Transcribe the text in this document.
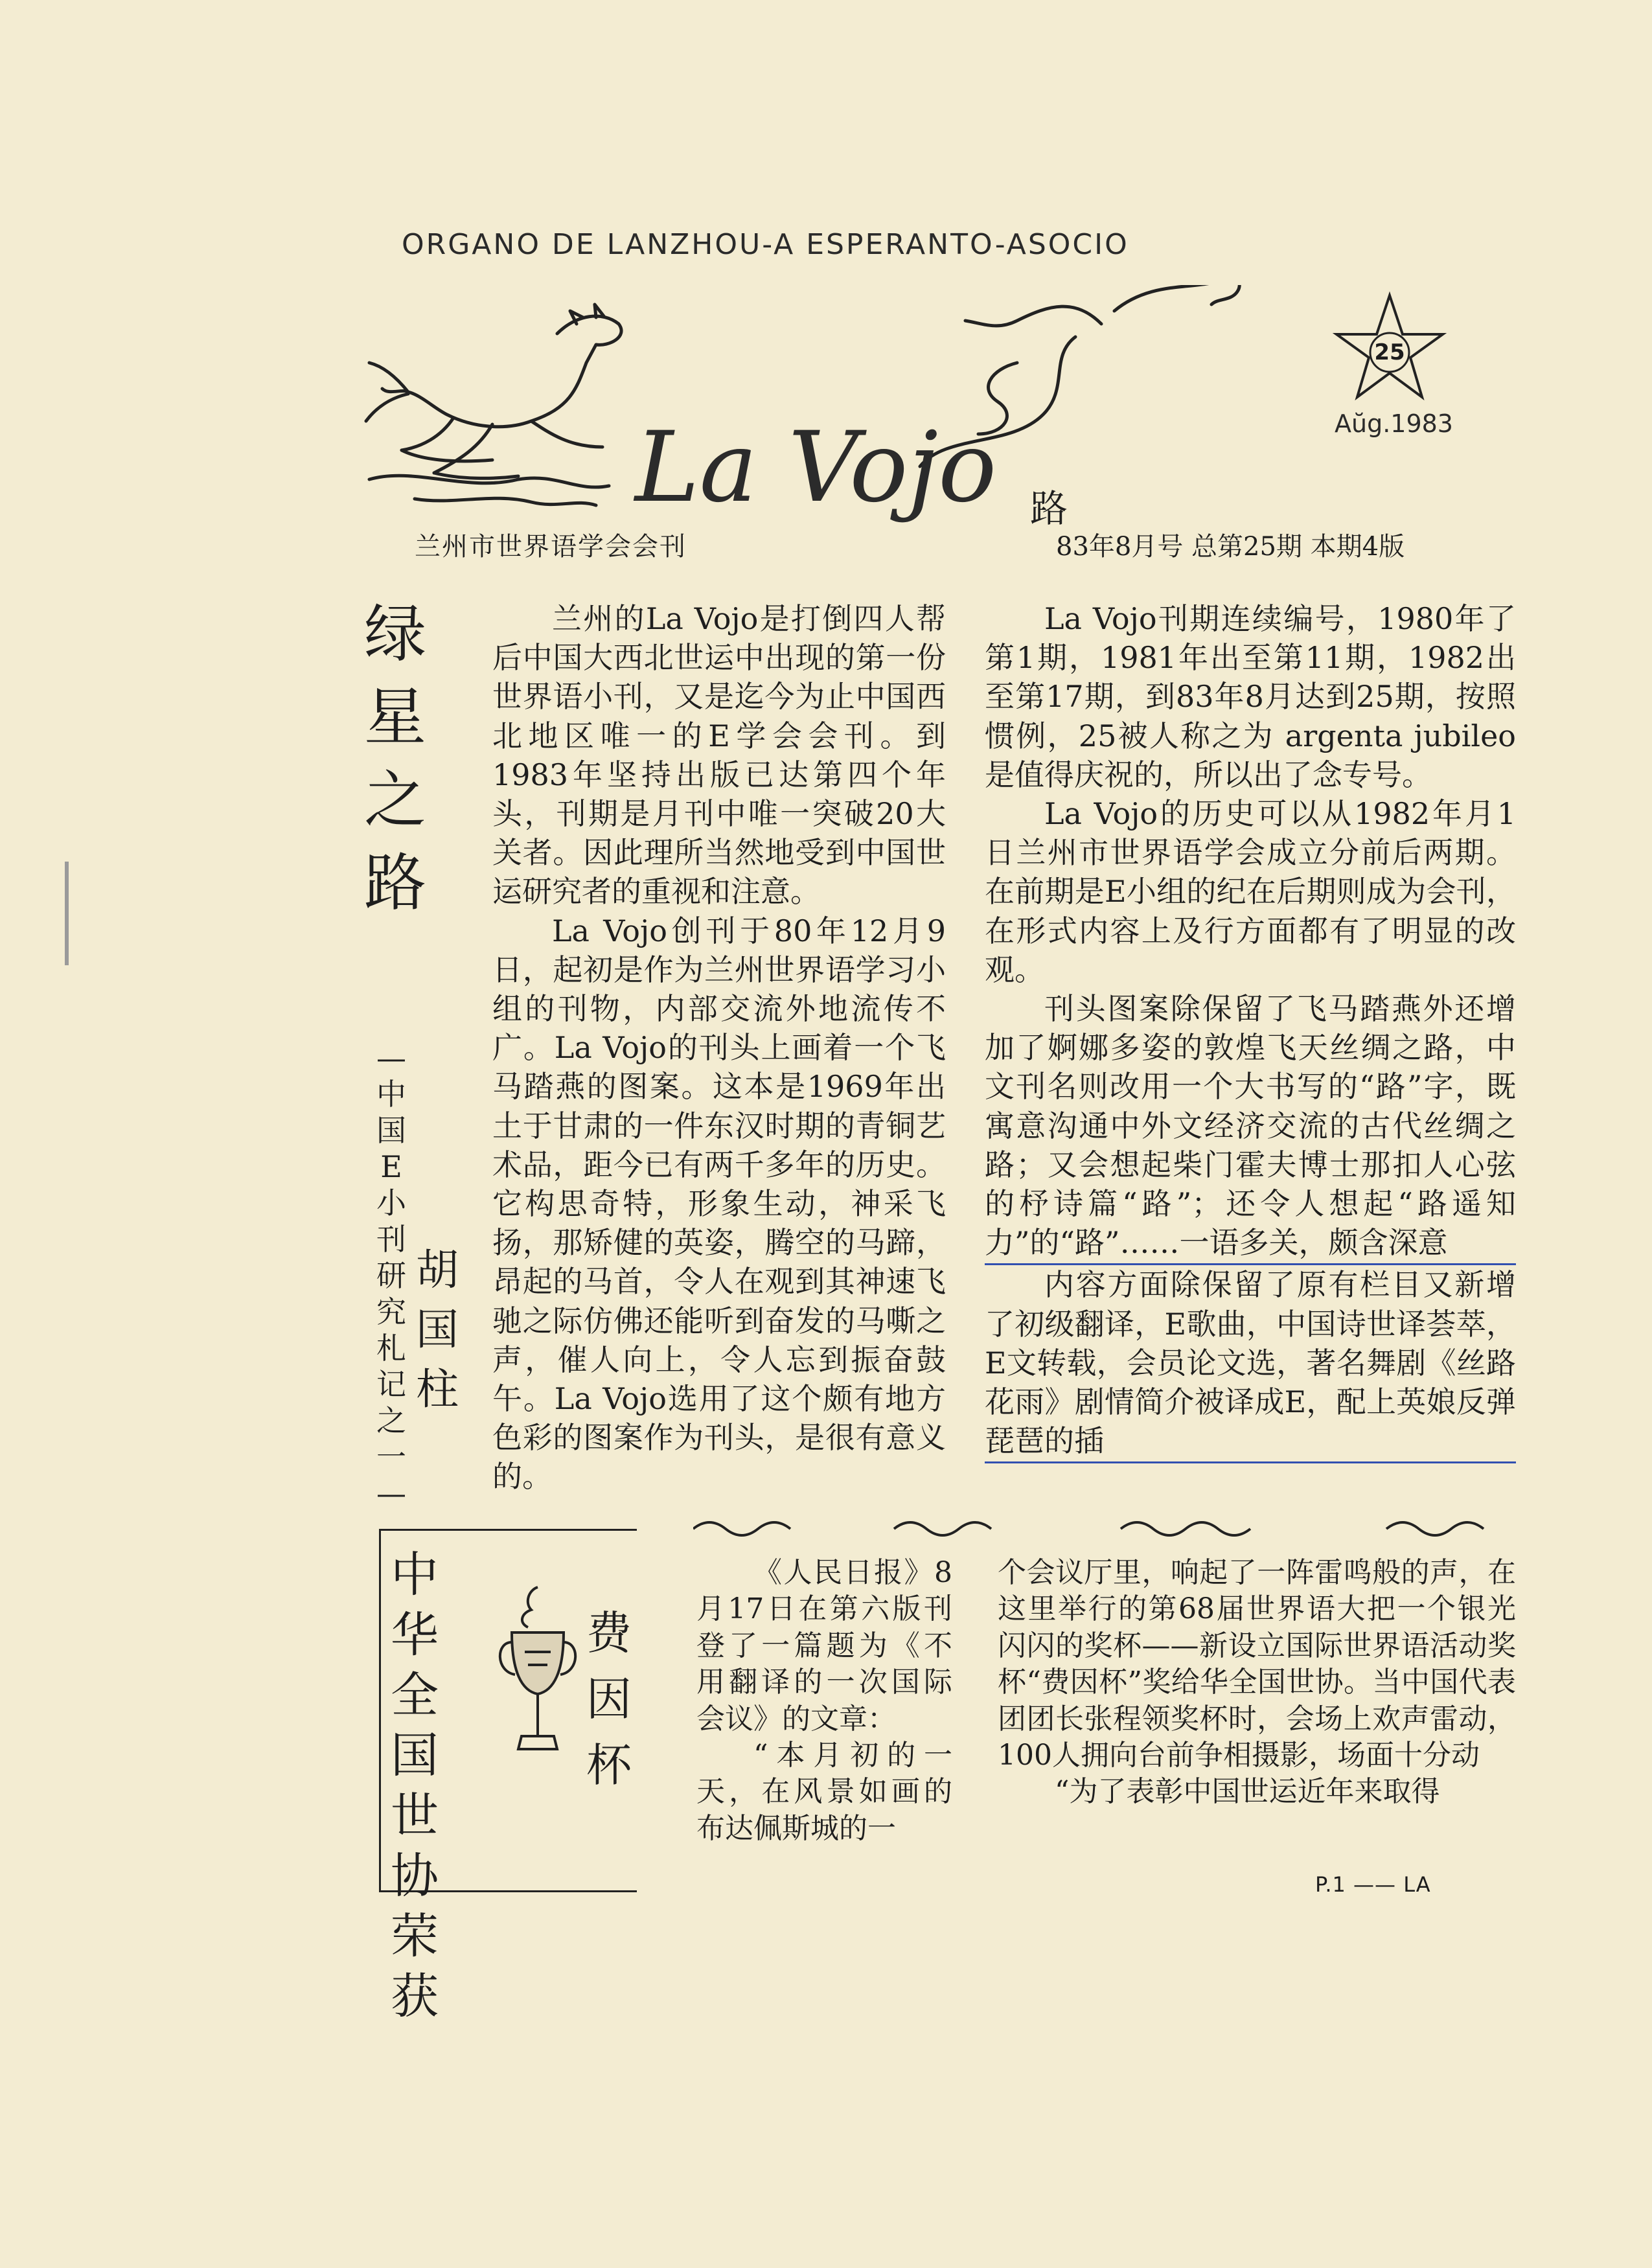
ORGANO DE LANZHOU-A ESPERANTO-ASOCIO
La Vojo 路
25
Aŭg.1983
兰州市世界语学会会刊	83年8月号 总第25期 本期4版
绿星之路
—中国E小刊研究札记之一—
胡国柱

兰州的La Vojo是打倒四人帮后中国大西北世运中出现的第一份世界语小刊，又是迄今为止中国西北地区唯一的E学会会刊。到1983年坚持出版已达第四个年头，刊期是月刊中唯一突破20大关者。因此理所当然地受到中国世运研究者的重视和注意。

La Vojo创刊于80年12月9日，起初是作为兰州世界语学习小组的刊物，内部交流外地流传不广。La Vojo的刊头上画着一个飞马踏燕的图案。这本是1969年出土于甘肃的一件东汉时期的青铜艺术品，距今已有两千多年的历史。它构思奇特，形象生动，神采飞扬，那矫健的英姿，腾空的马蹄，昂起的马首，令人在观到其神速飞驰之际仿佛还能听到奋发的马嘶之声，催人向上，令人忘到振奋鼓午。La Vojo选用了这个颇有地方色彩的图案作为刊头，是很有意义的。

La Vojo刊期连续编号，1980年了第1期，1981年出至第11期，1982出至第17期，到83年8月达到25期，按照惯例，25被人称之为 argenta jubileo 是值得庆祝的，所以出了念专号。

La Vojo的历史可以从1982年月1日兰州市世界语学会成立分前后两期。在前期是E小组的纪在后期则成为会刊，在形式内容上及行方面都有了明显的改观。

刊头图案除保留了飞马踏燕外还增加了婀娜多姿的敦煌飞天丝绸之路，中文刊名则改用一个大书写的“路”字，既寓意沟通中外文经济交流的古代丝绸之路；又会想起柴门霍夫博士那扣人心弦的杼诗篇“路”；还令人想起“路遥知力”的“路”……一语多关，颇含深意

内容方面除保留了原有栏目又新增了初级翻译，E歌曲，中国诗世译荟萃，E文转载，会员论文选，著名舞剧《丝路花雨》剧情简介被译成E，配上英娘反弹琵琶的插

中华全国世协荣获
费因杯

《人民日报》8月17日在第六版刊登了一篇题为《不用翻译的一次国际会议》的文章：

“本月初的一天，在风景如画的布达佩斯城的一

个会议厅里，响起了一阵雷鸣般的声，在这里举行的第68届世界语大把一个银光闪闪的奖杯——新设立国际世界语活动奖杯“费因杯”奖给华全国世协。当中国代表团团长张程领奖杯时，会场上欢声雷动，100人拥向台前争相摄影，场面十分动

“为了表彰中国世运近年来取得

P.1 —— LA
